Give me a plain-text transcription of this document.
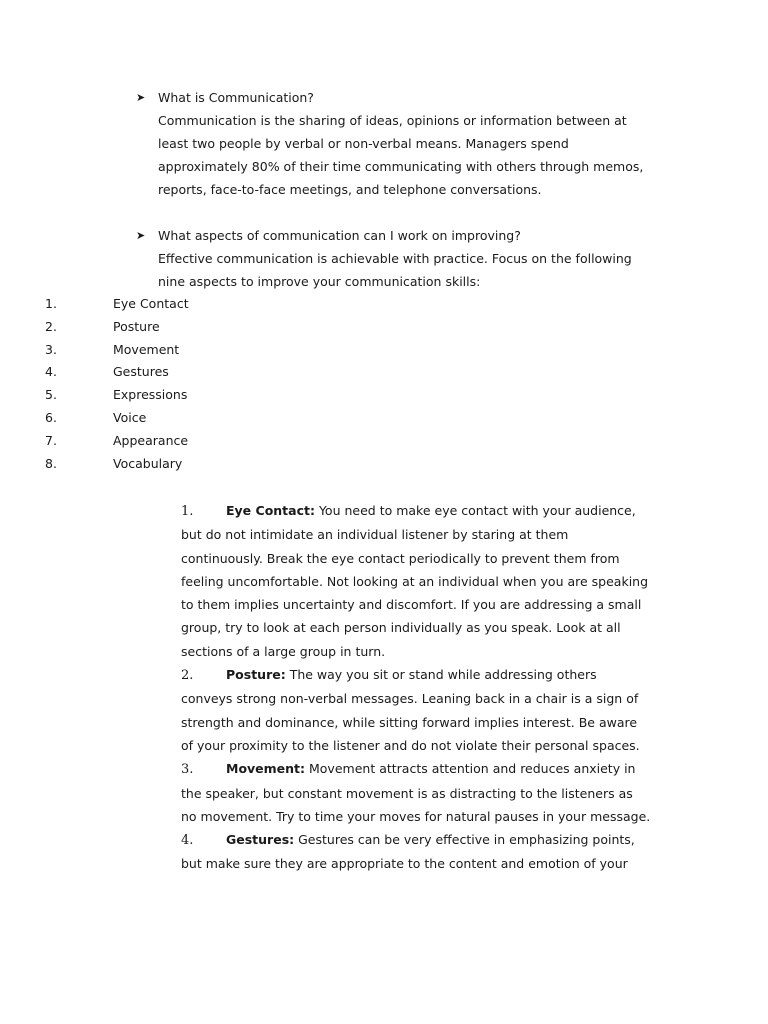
➤ What is Communication?
Communication is the sharing of ideas, opinions or information between at least two people by verbal or non-verbal means. Managers spend approximately 80% of their time communicating with others through memos, reports, face-to-face meetings, and telephone conversations.
➤ What aspects of communication can I work on improving?
Effective communication is achievable with practice. Focus on the following nine aspects to improve your communication skills:
1.	Eye Contact
2.	Posture
3.	Movement
4.	Gestures
5.	Expressions
6.	Voice
7.	Appearance
8.	Vocabulary

1.	Eye Contact: You need to make eye contact with your audience, but do not intimidate an individual listener by staring at them continuously. Break the eye contact periodically to prevent them from feeling uncomfortable. Not looking at an individual when you are speaking to them implies uncertainty and discomfort. If you are addressing a small group, try to look at each person individually as you speak. Look at all sections of a large group in turn.

2.	Posture: The way you sit or stand while addressing others conveys strong non-verbal messages. Leaning back in a chair is a sign of strength and dominance, while sitting forward implies interest. Be aware of your proximity to the listener and do not violate their personal spaces.

3.	Movement: Movement attracts attention and reduces anxiety in the speaker, but constant movement is as distracting to the listeners as no movement. Try to time your moves for natural pauses in your message.

4.	Gestures: Gestures can be very effective in emphasizing points, but make sure they are appropriate to the content and emotion of your
